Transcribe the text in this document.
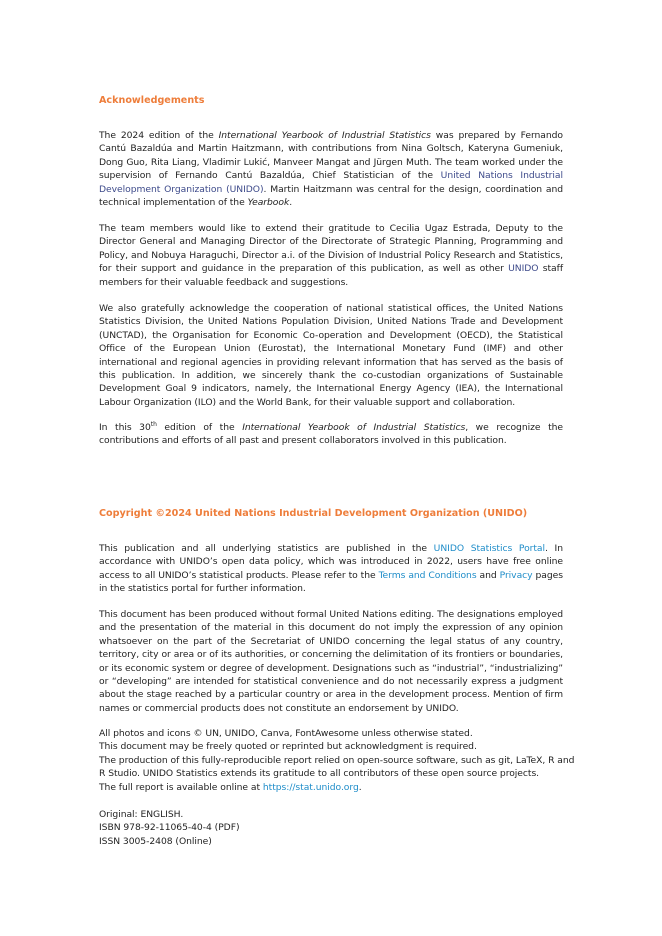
Acknowledgements

The 2024 edition of the International Yearbook of Industrial Statistics was prepared by Fernando Cantú Bazaldúa and Martin Haitzmann, with contributions from Nina Goltsch, Kateryna Gumeniuk, Dong Guo, Rita Liang, Vladimir Lukić, Manveer Mangat and Jürgen Muth. The team worked under the supervision of Fernando Cantú Bazaldúa, Chief Statistician of the United Nations Industrial Development Organization (UNIDO). Martin Haitzmann was central for the design, coordination and technical implementation of the Yearbook.

The team members would like to extend their gratitude to Cecilia Ugaz Estrada, Deputy to the Director General and Managing Director of the Directorate of Strategic Planning, Programming and Policy, and Nobuya Haraguchi, Director a.i. of the Division of Industrial Policy Research and Statistics, for their support and guidance in the preparation of this publication, as well as other UNIDO staff members for their valuable feedback and suggestions.

We also gratefully acknowledge the cooperation of national statistical offices, the United Nations Statistics Division, the United Nations Population Division, United Nations Trade and Development (UNCTAD), the Organisation for Economic Co-operation and Development (OECD), the Statistical Office of the European Union (Eurostat), the International Monetary Fund (IMF) and other international and regional agencies in providing relevant information that has served as the basis of this publication. In addition, we sincerely thank the co-custodian organizations of Sustainable Development Goal 9 indicators, namely, the International Energy Agency (IEA), the International Labour Organization (ILO) and the World Bank, for their valuable support and collaboration.

In this 30th edition of the International Yearbook of Industrial Statistics, we recognize the contributions and efforts of all past and present collaborators involved in this publication.

Copyright ©2024 United Nations Industrial Development Organization (UNIDO)

This publication and all underlying statistics are published in the UNIDO Statistics Portal. In accordance with UNIDO’s open data policy, which was introduced in 2022, users have free online access to all UNIDO’s statistical products. Please refer to the Terms and Conditions and Privacy pages in the statistics portal for further information.

This document has been produced without formal United Nations editing. The designations employed and the presentation of the material in this document do not imply the expression of any opinion whatsoever on the part of the Secretariat of UNIDO concerning the legal status of any country, territory, city or area or of its authorities, or concerning the delimitation of its frontiers or boundaries, or its economic system or degree of development. Designations such as “industrial”, “industrializing” or “developing” are intended for statistical convenience and do not necessarily express a judgment about the stage reached by a particular country or area in the development process. Mention of firm names or commercial products does not constitute an endorsement by UNIDO.

All photos and icons © UN, UNIDO, Canva, FontAwesome unless otherwise stated.
This document may be freely quoted or reprinted but acknowledgment is required.
The production of this fully-reproducible report relied on open-source software, such as git, LaTeX, R and
R Studio. UNIDO Statistics extends its gratitude to all contributors of these open source projects.
The full report is available online at https://stat.unido.org.
Original: ENGLISH.
ISBN 978-92-11065-40-4 (PDF)
ISSN 3005-2408 (Online)
